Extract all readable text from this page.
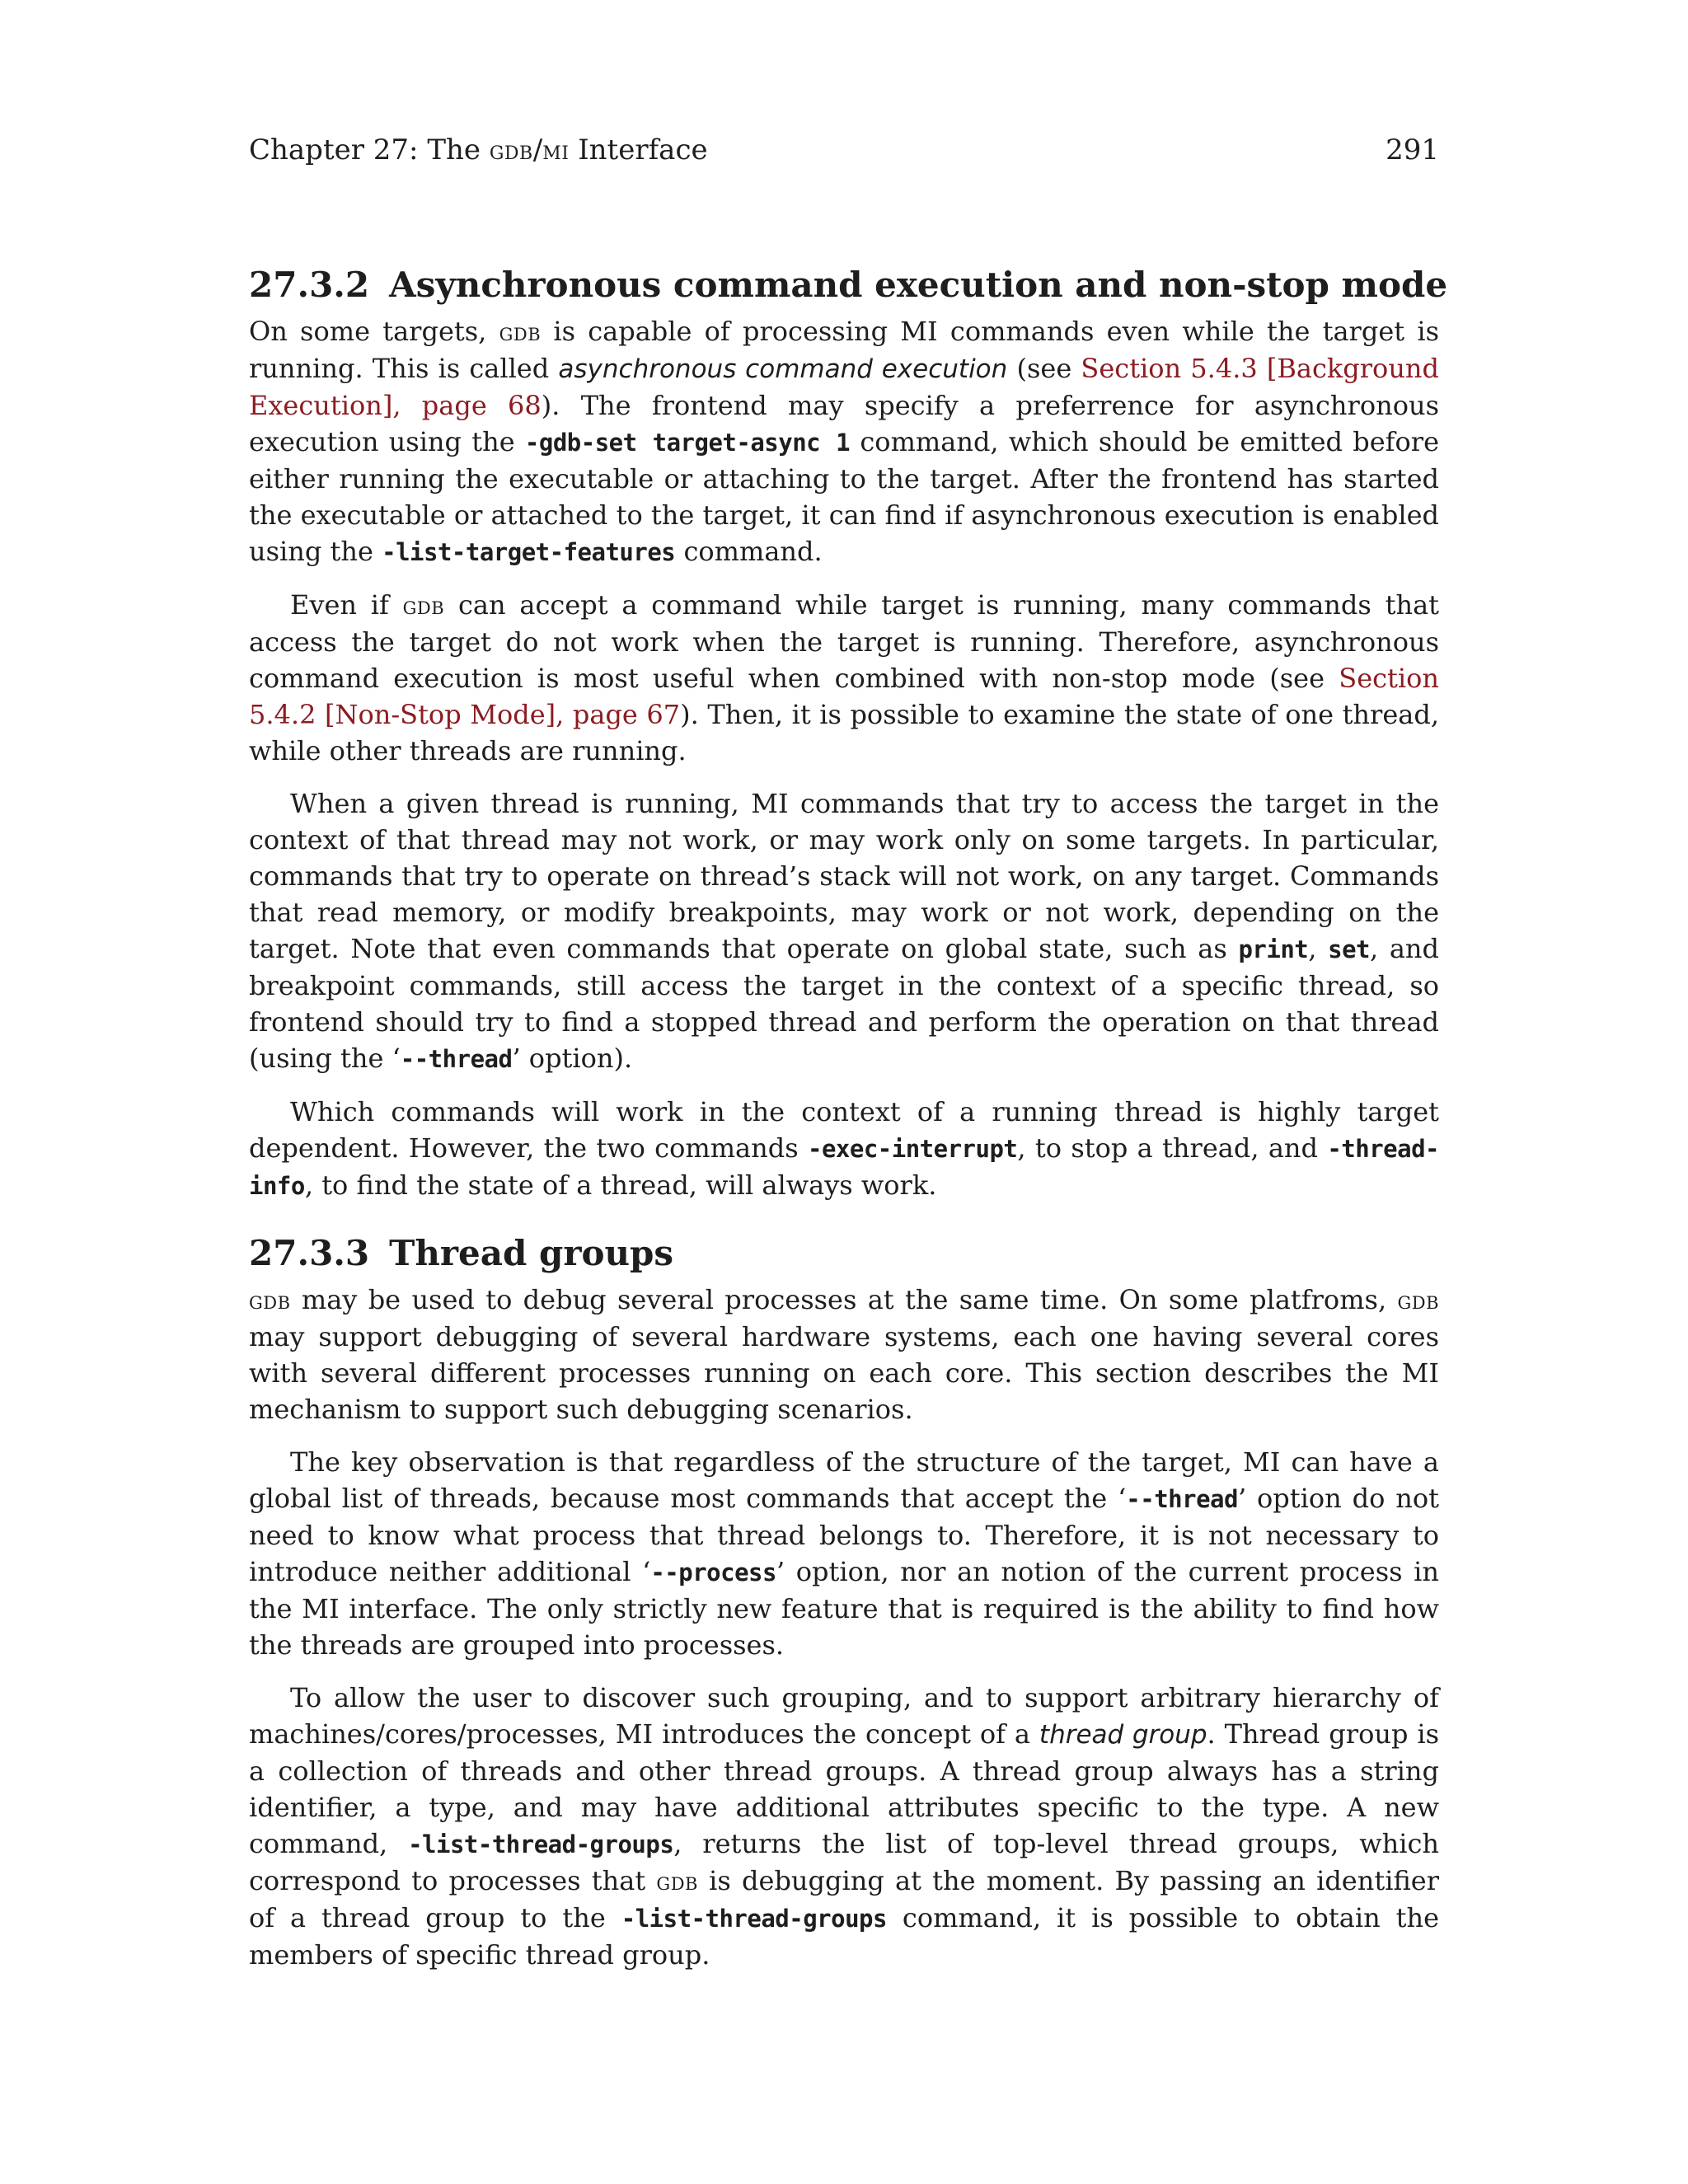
Chapter 27: The gdb/mi Interface	291
27.3.2 Asynchronous command execution and non-stop mode

On some targets, gdb is capable of processing MI commands even while the target is running. This is called asynchronous command execution (see Section 5.4.3 [Background Execution], page 68). The frontend may specify a preferrence for asynchronous execution using the -gdb-set target-async 1 command, which should be emitted before either running the executable or attaching to the target. After the frontend has started the executable or attached to the target, it can find if asynchronous execution is enabled using the -list-target-features command.

Even if gdb can accept a command while target is running, many commands that access the target do not work when the target is running. Therefore, asynchronous command execution is most useful when combined with non-stop mode (see Section 5.4.2 [Non-Stop Mode], page 67). Then, it is possible to examine the state of one thread, while other threads are running.

When a given thread is running, MI commands that try to access the target in the context of that thread may not work, or may work only on some targets. In particular, commands that try to operate on thread’s stack will not work, on any target. Commands that read memory, or modify breakpoints, may work or not work, depending on the target. Note that even commands that operate on global state, such as print, set, and breakpoint commands, still access the target in the context of a specific thread, so frontend should try to find a stopped thread and perform the operation on that thread (using the ‘--thread’ option).

Which commands will work in the context of a running thread is highly target dependent. However, the two commands -exec-interrupt, to stop a thread, and -thread-info, to find the state of a thread, will always work.

27.3.3 Thread groups

gdb may be used to debug several processes at the same time. On some platfroms, gdb may support debugging of several hardware systems, each one having several cores with several different processes running on each core. This section describes the MI mechanism to support such debugging scenarios.

The key observation is that regardless of the structure of the target, MI can have a global list of threads, because most commands that accept the ‘--thread’ option do not need to know what process that thread belongs to. Therefore, it is not necessary to introduce neither additional ‘--process’ option, nor an notion of the current process in the MI interface. The only strictly new feature that is required is the ability to find how the threads are grouped into processes.

To allow the user to discover such grouping, and to support arbitrary hierarchy of machines/cores/processes, MI introduces the concept of a thread group. Thread group is a collection of threads and other thread groups. A thread group always has a string identifier, a type, and may have additional attributes specific to the type. A new command, -list-thread-groups, returns the list of top-level thread groups, which correspond to processes that gdb is debugging at the moment. By passing an identifier of a thread group to the -list-thread-groups command, it is possible to obtain the members of specific thread group.
